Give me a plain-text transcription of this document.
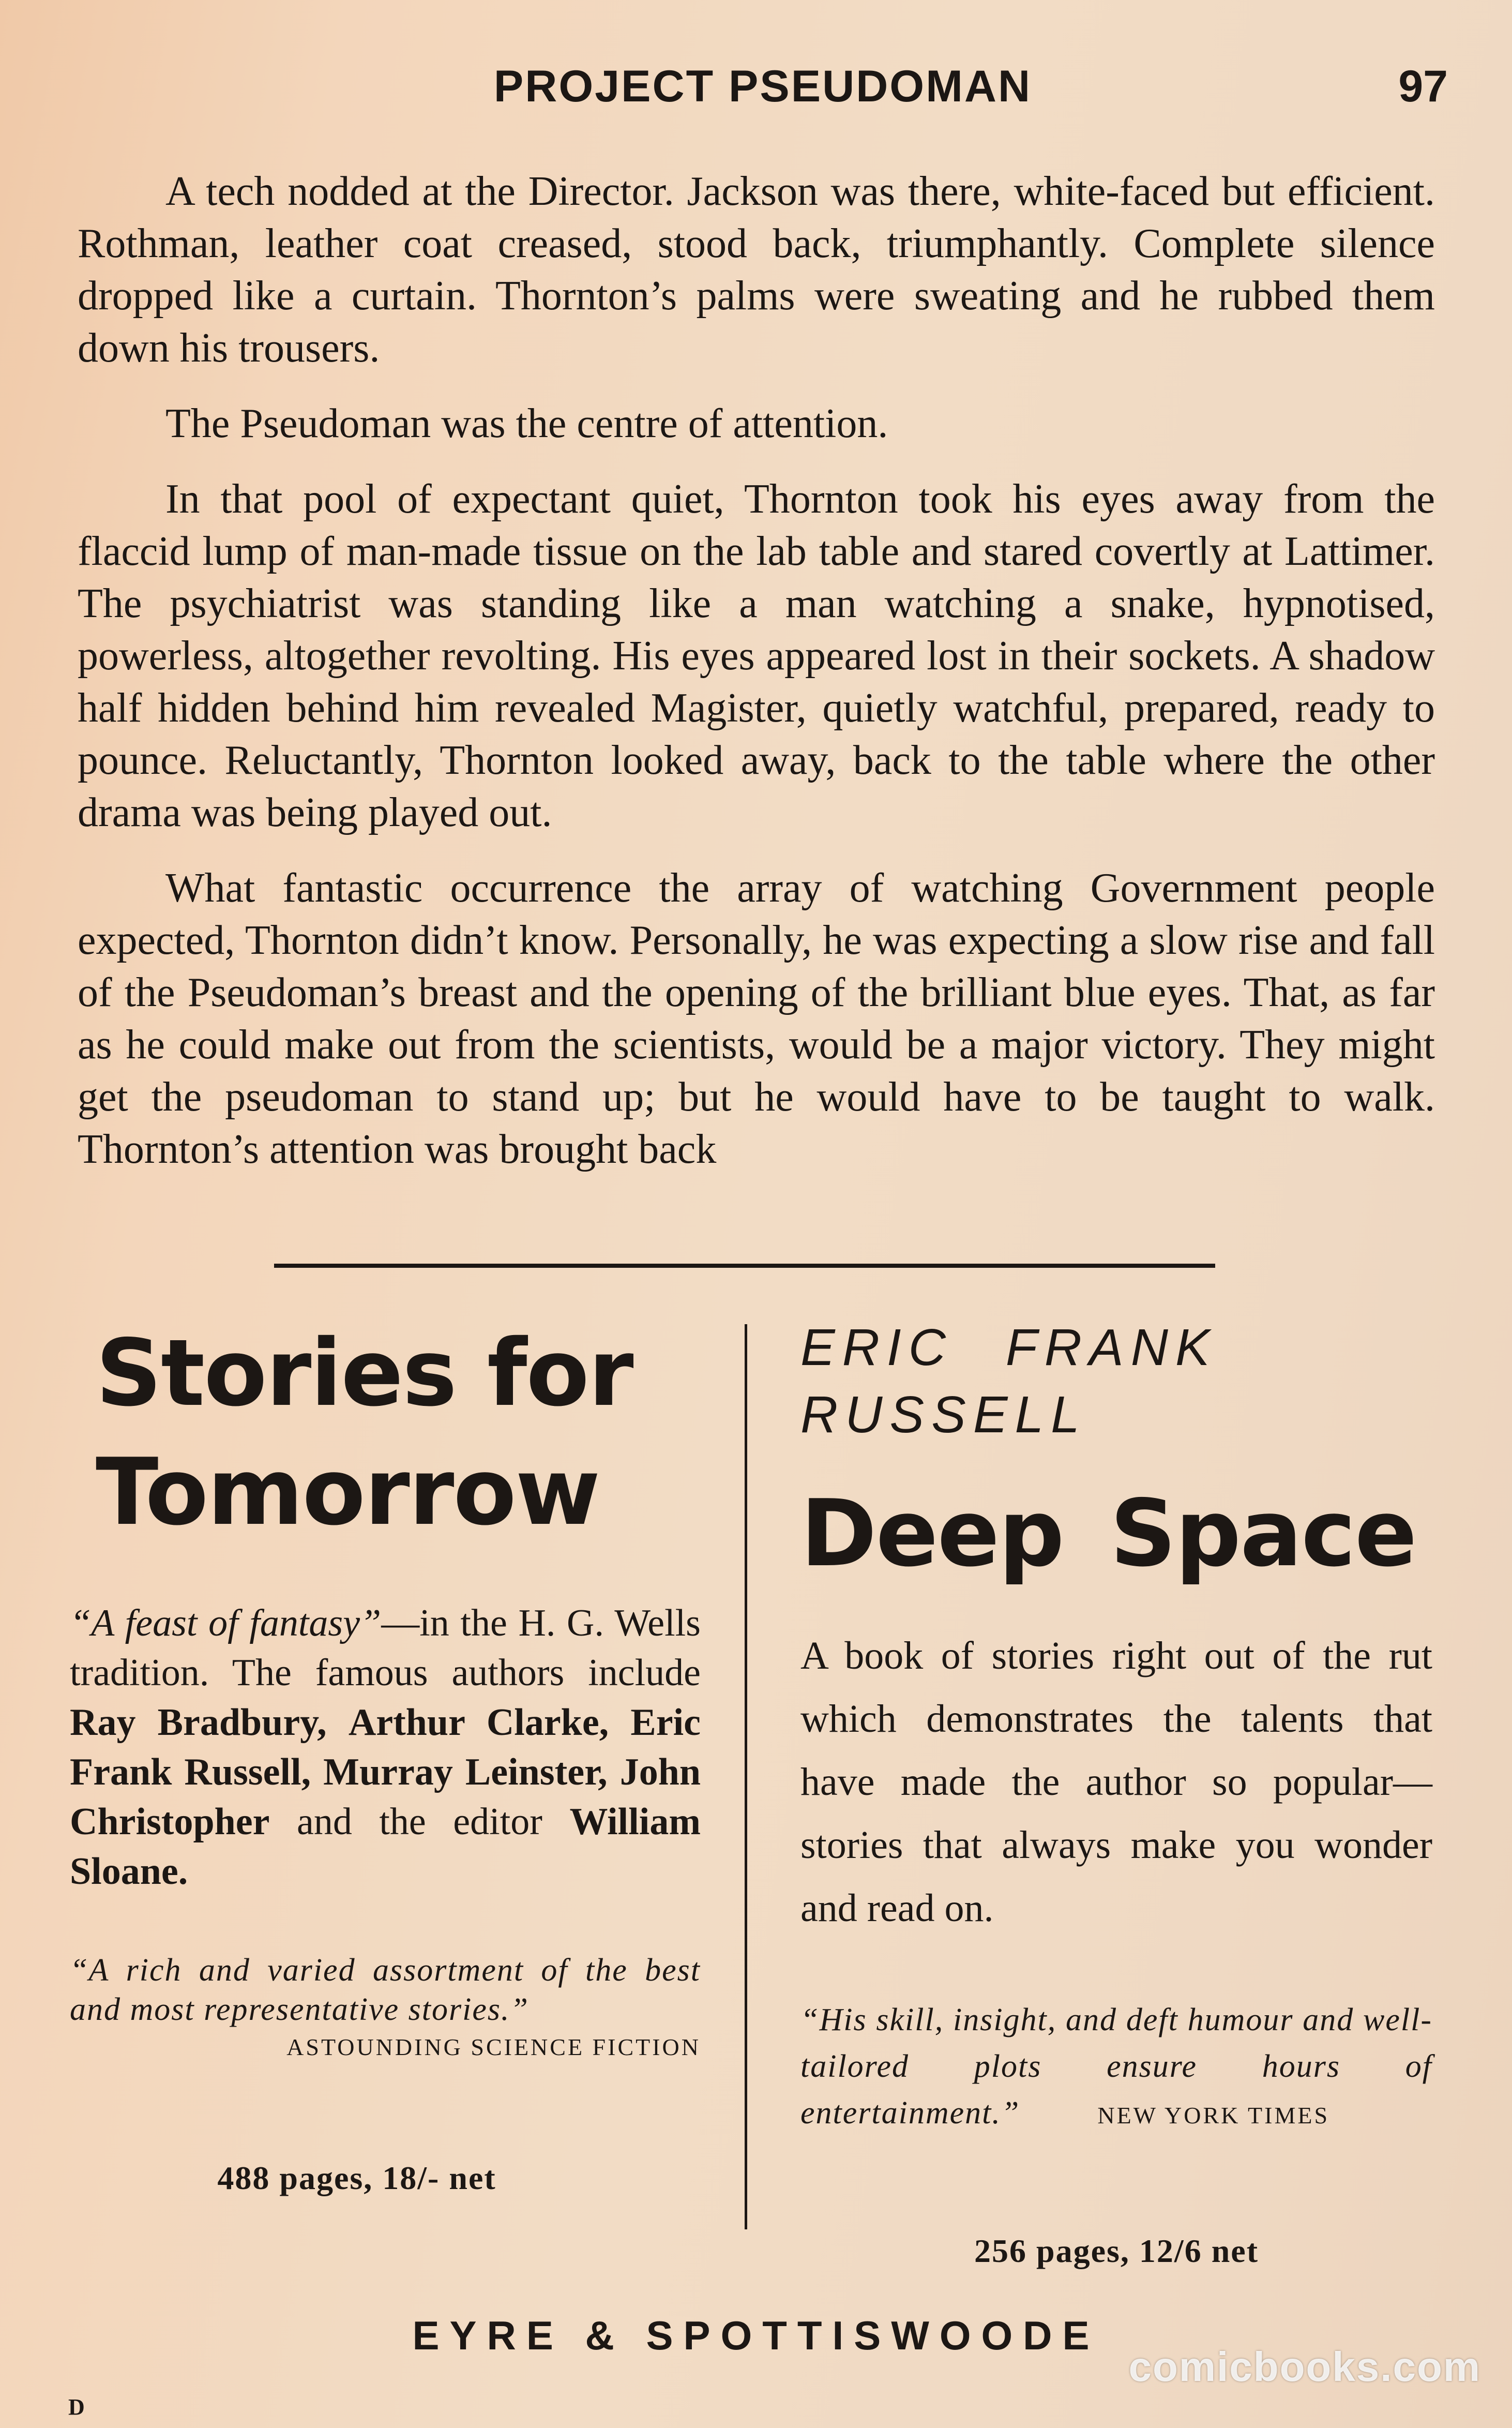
PROJECT PSEUDOMAN	97

A tech nodded at the Director. Jackson was there, white-faced but efficient. Rothman, leather coat creased, stood back, triumphantly. Complete silence dropped like a curtain. Thornton’s palms were sweating and he rubbed them down his trousers.

The Pseudoman was the centre of attention.

In that pool of expectant quiet, Thornton took his eyes away from the flaccid lump of man-made tissue on the lab table and stared covertly at Lattimer. The psychiatrist was standing like a man watching a snake, hypnotised, powerless, altogether revolting. His eyes appeared lost in their sockets. A shadow half hidden behind him revealed Magister, quietly watchful, prepared, ready to pounce. Reluctantly, Thornton looked away, back to the table where the other drama was being played out.

What fantastic occurrence the array of watching Government people expected, Thornton didn’t know. Personally, he was expecting a slow rise and fall of the Pseudoman’s breast and the opening of the brilliant blue eyes. That, as far as he could make out from the scientists, would be a major victory. They might get the pseudoman to stand up; but he would have to be taught to walk. Thornton’s attention was brought back

Stories for
Tomorrow

“A feast of fantasy”—in the H. G. Wells tradition. The famous authors include Ray Bradbury, Arthur Clarke, Eric Frank Russell, Murray Leinster, John Christopher and the editor William Sloane.

“A rich and varied assortment of the best and most representative stories.”

ASTOUNDING SCIENCE FICTION
488 pages, 18/- net

ERIC FRANK RUSSELL

Deep Space

A book of stories right out of the rut which demonstrates the talents that have made the author so popular—stories that always make you wonder and read on.

“His skill, insight, and deft humour and well-tailored plots ensure hours of entertainment.”	NEW YORK TIMES

256 pages, 12/6 net
EYRE & SPOTTISWOODE
D
comicbooks.com
